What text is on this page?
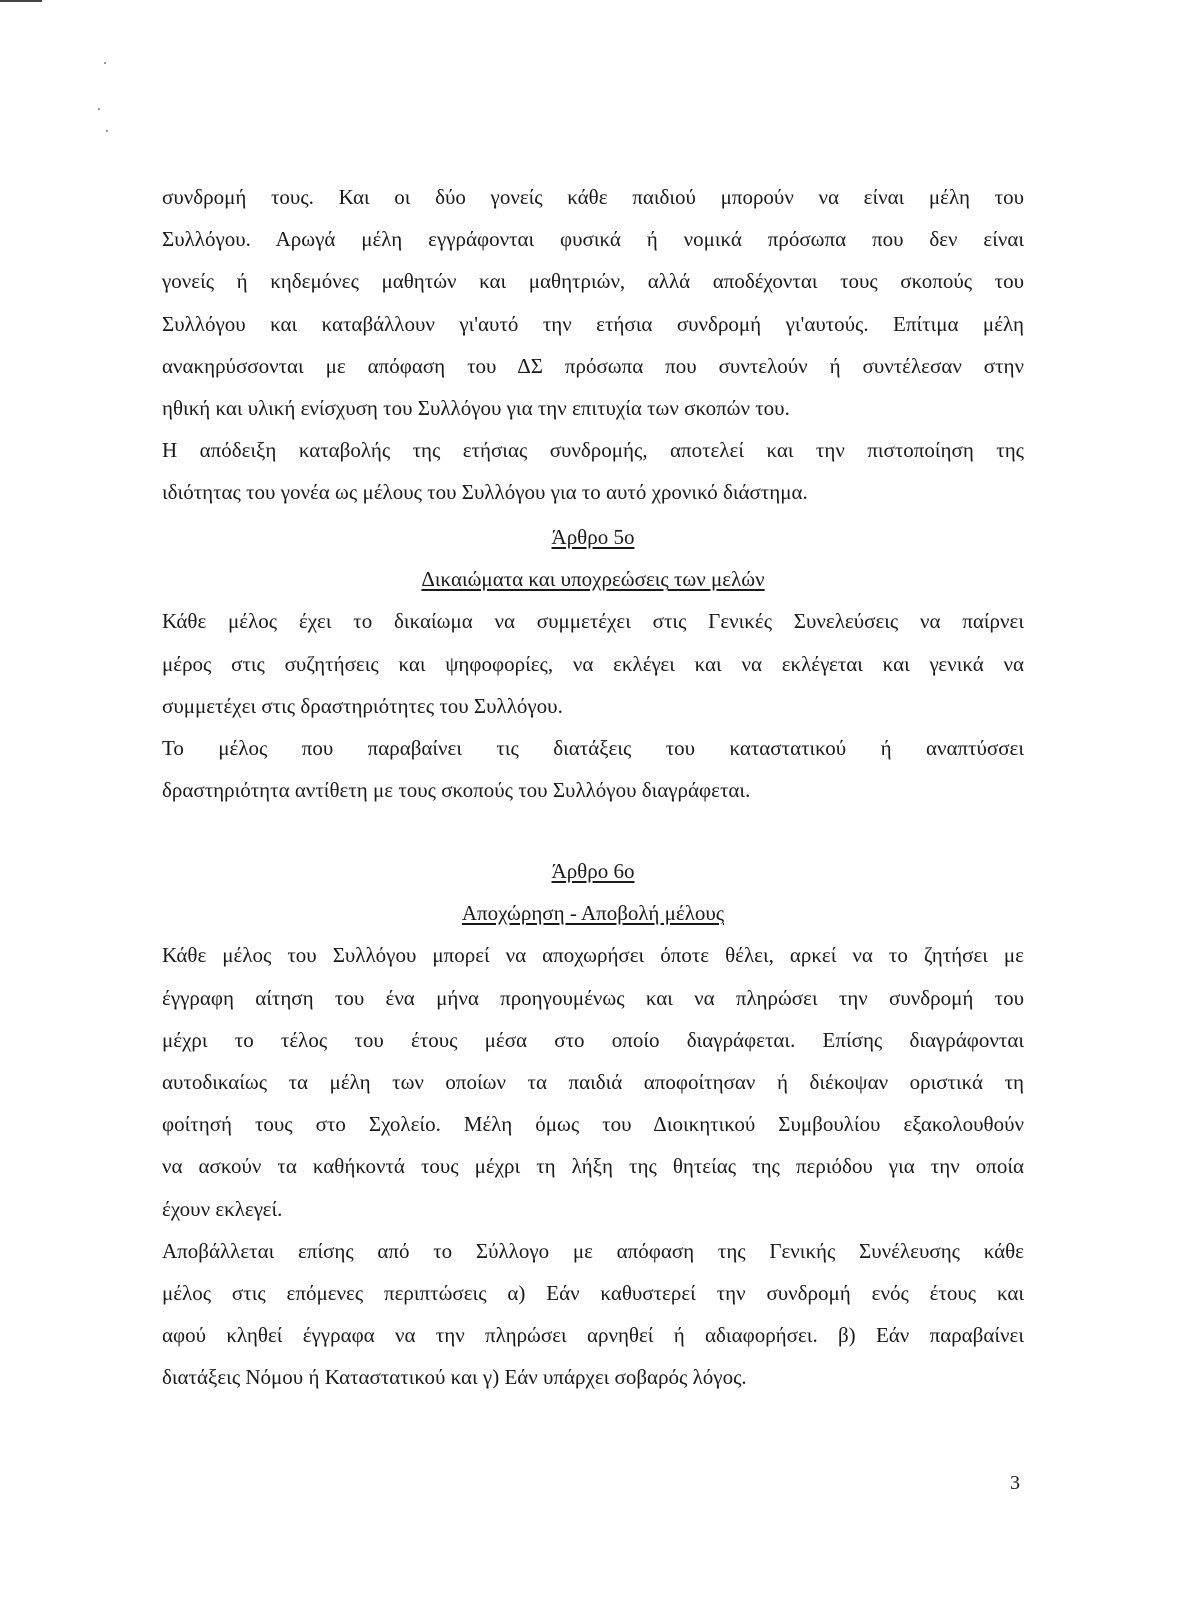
συνδρομή τους. Και οι δύο γονείς κάθε παιδιού μπορούν να είναι μέλη του
Συλλόγου. Αρωγά μέλη εγγράφονται φυσικά ή νομικά πρόσωπα που δεν είναι
γονείς ή κηδεμόνες μαθητών και μαθητριών, αλλά αποδέχονται τους σκοπούς του
Συλλόγου και καταβάλλουν γι'αυτό την ετήσια συνδρομή γι'αυτούς. Επίτιμα μέλη
ανακηρύσσονται με απόφαση του ΔΣ πρόσωπα που συντελούν ή συντέλεσαν στην
ηθική και υλική ενίσχυση του Συλλόγου για την επιτυχία των σκοπών του.
Η απόδειξη καταβολής της ετήσιας συνδρομής, αποτελεί και την πιστοποίηση της
ιδιότητας του γονέα ως μέλους του Συλλόγου για το αυτό χρονικό διάστημα.
Άρθρο 5ο
Δικαιώματα και υποχρεώσεις των μελών
Κάθε μέλος έχει το δικαίωμα να συμμετέχει στις Γενικές Συνελεύσεις να παίρνει
μέρος στις συζητήσεις και ψηφοφορίες, να εκλέγει και να εκλέγεται και γενικά να
συμμετέχει στις δραστηριότητες του Συλλόγου.
Το μέλος που παραβαίνει τις διατάξεις του καταστατικού ή αναπτύσσει
δραστηριότητα αντίθετη με τους σκοπούς του Συλλόγου διαγράφεται.
Άρθρο 6ο
Αποχώρηση - Αποβολή μέλους
Κάθε μέλος του Συλλόγου μπορεί να αποχωρήσει όποτε θέλει, αρκεί να το ζητήσει με
έγγραφη αίτηση του ένα μήνα προηγουμένως και να πληρώσει την συνδρομή του
μέχρι το τέλος του έτους μέσα στο οποίο διαγράφεται. Επίσης διαγράφονται
αυτοδικαίως τα μέλη των οποίων τα παιδιά αποφοίτησαν ή διέκοψαν οριστικά τη
φοίτησή τους στο Σχολείο. Μέλη όμως του Διοικητικού Συμβουλίου εξακολουθούν
να ασκούν τα καθήκοντά τους μέχρι τη λήξη της θητείας της περιόδου για την οποία
έχουν εκλεγεί.
Αποβάλλεται επίσης από το Σύλλογο με απόφαση της Γενικής Συνέλευσης κάθε
μέλος στις επόμενες περιπτώσεις α) Εάν καθυστερεί την συνδρομή ενός έτους και
αφού κληθεί έγγραφα να την πληρώσει αρνηθεί ή αδιαφορήσει. β) Εάν παραβαίνει
διατάξεις Νόμου ή Καταστατικού και γ) Εάν υπάρχει σοβαρός λόγος.
3
